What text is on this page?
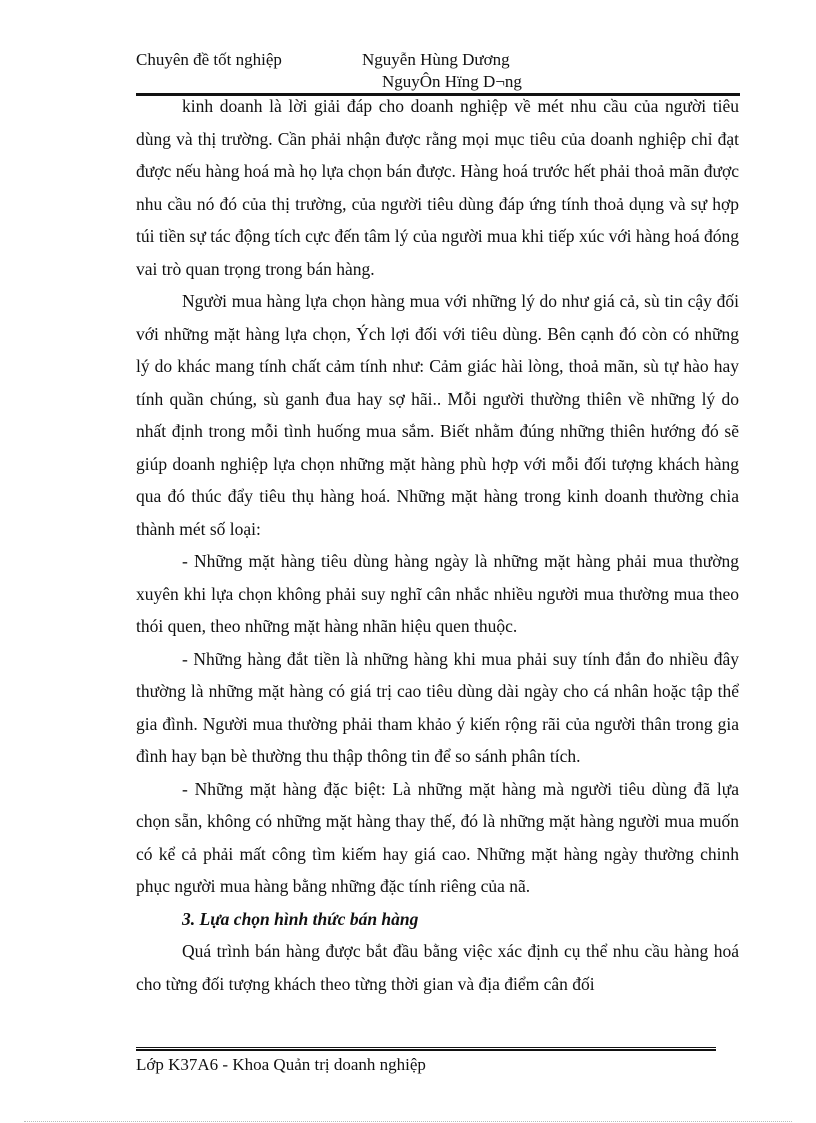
Chuyên đề tốt nghiệp	Nguyễn Hùng Dương
NguyÔn Hïng D¬ng

kinh doanh là lời giải đáp cho doanh nghiệp về mét nhu cầu của người tiêu dùng và thị trường. Cần phải nhận được rằng mọi mục tiêu của doanh nghiệp chỉ đạt được nếu hàng hoá mà họ lựa chọn bán được. Hàng hoá trước hết phải thoả mãn được nhu cầu nó đó của thị trường, của người tiêu dùng đáp ứng tính thoả dụng và sự hợp túi tiền sự tác động tích cực đến tâm lý của người mua khi tiếp xúc với hàng hoá đóng vai trò quan trọng trong bán hàng.

Người mua hàng lựa chọn hàng mua với những lý do như giá cả, sù tin cậy đối với những mặt hàng lựa chọn, Ých lợi đối với tiêu dùng. Bên cạnh đó còn có những lý do khác mang tính chất cảm tính như: Cảm giác hài lòng, thoả mãn, sù tự hào hay tính quần chúng, sù ganh đua hay sợ hãi.. Mỗi người thường thiên về những lý do nhất định trong mỗi tình huống mua sắm. Biết nhằm đúng những thiên hướng đó sẽ giúp doanh nghiệp lựa chọn những mặt hàng phù hợp với mỗi đối tượng khách hàng qua đó thúc đẩy tiêu thụ hàng hoá. Những mặt hàng trong kinh doanh thường chia thành mét số loại:

- Những mặt hàng tiêu dùng hàng ngày là những mặt hàng phải mua thường xuyên khi lựa chọn không phải suy nghĩ cân nhắc nhiều người mua thường mua theo thói quen, theo những mặt hàng nhãn hiệu quen thuộc.

- Những hàng đắt tiền là những hàng khi mua phải suy tính đắn đo nhiều đây thường là những mặt hàng có giá trị cao tiêu dùng dài ngày cho cá nhân hoặc tập thể gia đình. Người mua thường phải tham khảo ý kiến rộng rãi của người thân trong gia đình hay bạn bè thường thu thập thông tin để so sánh phân tích.

- Những mặt hàng đặc biệt: Là những mặt hàng mà người tiêu dùng đã lựa chọn sẵn, không có những mặt hàng thay thế, đó là những mặt hàng người mua muốn có kể cả phải mất công tìm kiếm hay giá cao. Những mặt hàng ngày thường chinh phục người mua hàng bằng những đặc tính riêng của nã.

3. Lựa chọn hình thức bán hàng

Quá trình bán hàng được bắt đầu bằng việc xác định cụ thể nhu cầu hàng hoá cho từng đối tượng khách theo từng thời gian và địa điểm cân đối

Lớp K37A6 - Khoa Quản trị doanh nghiệp
